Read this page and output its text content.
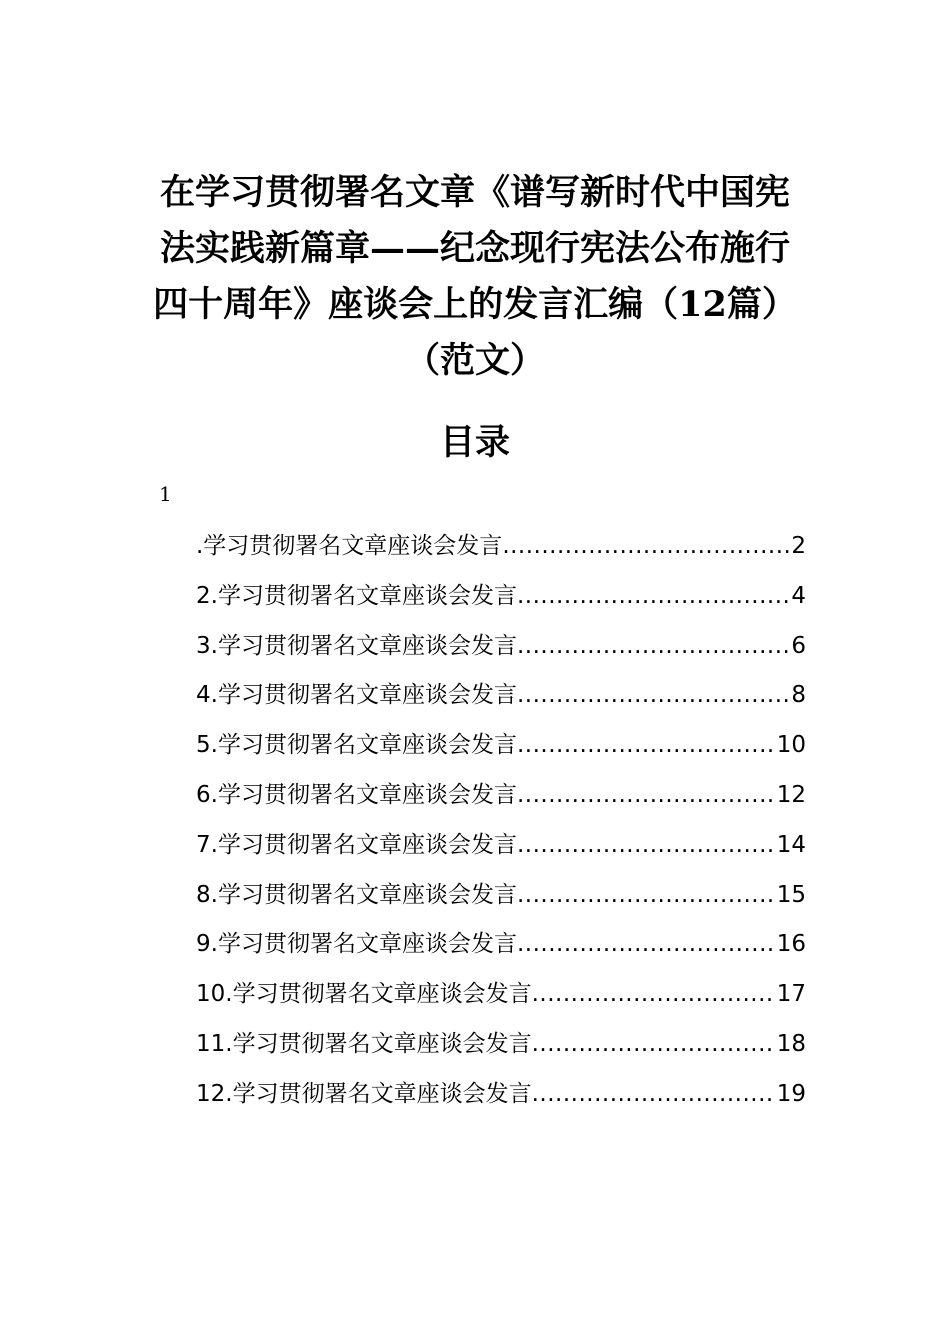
在学习贯彻署名文章《谱写新时代中国宪
法实践新篇章——纪念现行宪法公布施行
四十周年》座谈会上的发言汇编（12篇）
（范文）
目录
1
.学习贯彻署名文章座谈会发言 .....	2
2.学习贯彻署名文章座谈会发言 .....	4
3.学习贯彻署名文章座谈会发言 .....	6
4.学习贯彻署名文章座谈会发言 .....	8
5.学习贯彻署名文章座谈会发言 .....	10
6.学习贯彻署名文章座谈会发言 .....	12
7.学习贯彻署名文章座谈会发言 .....	14
8.学习贯彻署名文章座谈会发言 .....	15
9.学习贯彻署名文章座谈会发言 .....	16
10.学习贯彻署名文章座谈会发言 .....	17
11.学习贯彻署名文章座谈会发言 .....	18
12.学习贯彻署名文章座谈会发言 .....	19
